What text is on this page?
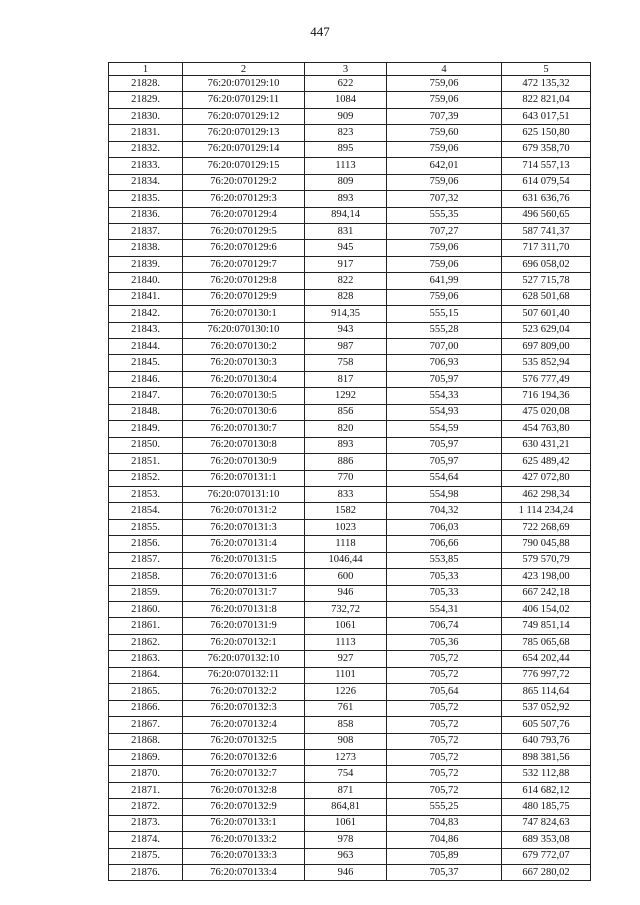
447
1	2	3	4	5
21828.	76:20:070129:10	622	759,06	472 135,32
21829.	76:20:070129:11	1084	759,06	822 821,04
21830.	76:20:070129:12	909	707,39	643 017,51
21831.	76:20:070129:13	823	759,60	625 150,80
21832.	76:20:070129:14	895	759,06	679 358,70
21833.	76:20:070129:15	1113	642,01	714 557,13
21834.	76:20:070129:2	809	759,06	614 079,54
21835.	76:20:070129:3	893	707,32	631 636,76
21836.	76:20:070129:4	894,14	555,35	496 560,65
21837.	76:20:070129:5	831	707,27	587 741,37
21838.	76:20:070129:6	945	759,06	717 311,70
21839.	76:20:070129:7	917	759,06	696 058,02
21840.	76:20:070129:8	822	641,99	527 715,78
21841.	76:20:070129:9	828	759,06	628 501,68
21842.	76:20:070130:1	914,35	555,15	507 601,40
21843.	76:20:070130:10	943	555,28	523 629,04
21844.	76:20:070130:2	987	707,00	697 809,00
21845.	76:20:070130:3	758	706,93	535 852,94
21846.	76:20:070130:4	817	705,97	576 777,49
21847.	76:20:070130:5	1292	554,33	716 194,36
21848.	76:20:070130:6	856	554,93	475 020,08
21849.	76:20:070130:7	820	554,59	454 763,80
21850.	76:20:070130:8	893	705,97	630 431,21
21851.	76:20:070130:9	886	705,97	625 489,42
21852.	76:20:070131:1	770	554,64	427 072,80
21853.	76:20:070131:10	833	554,98	462 298,34
21854.	76:20:070131:2	1582	704,32	1 114 234,24
21855.	76:20:070131:3	1023	706,03	722 268,69
21856.	76:20:070131:4	1118	706,66	790 045,88
21857.	76:20:070131:5	1046,44	553,85	579 570,79
21858.	76:20:070131:6	600	705,33	423 198,00
21859.	76:20:070131:7	946	705,33	667 242,18
21860.	76:20:070131:8	732,72	554,31	406 154,02
21861.	76:20:070131:9	1061	706,74	749 851,14
21862.	76:20:070132:1	1113	705,36	785 065,68
21863.	76:20:070132:10	927	705,72	654 202,44
21864.	76:20:070132:11	1101	705,72	776 997,72
21865.	76:20:070132:2	1226	705,64	865 114,64
21866.	76:20:070132:3	761	705,72	537 052,92
21867.	76:20:070132:4	858	705,72	605 507,76
21868.	76:20:070132:5	908	705,72	640 793,76
21869.	76:20:070132:6	1273	705,72	898 381,56
21870.	76:20:070132:7	754	705,72	532 112,88
21871.	76:20:070132:8	871	705,72	614 682,12
21872.	76:20:070132:9	864,81	555,25	480 185,75
21873.	76:20:070133:1	1061	704,83	747 824,63
21874.	76:20:070133:2	978	704,86	689 353,08
21875.	76:20:070133:3	963	705,89	679 772,07
21876.	76:20:070133:4	946	705,37	667 280,02
